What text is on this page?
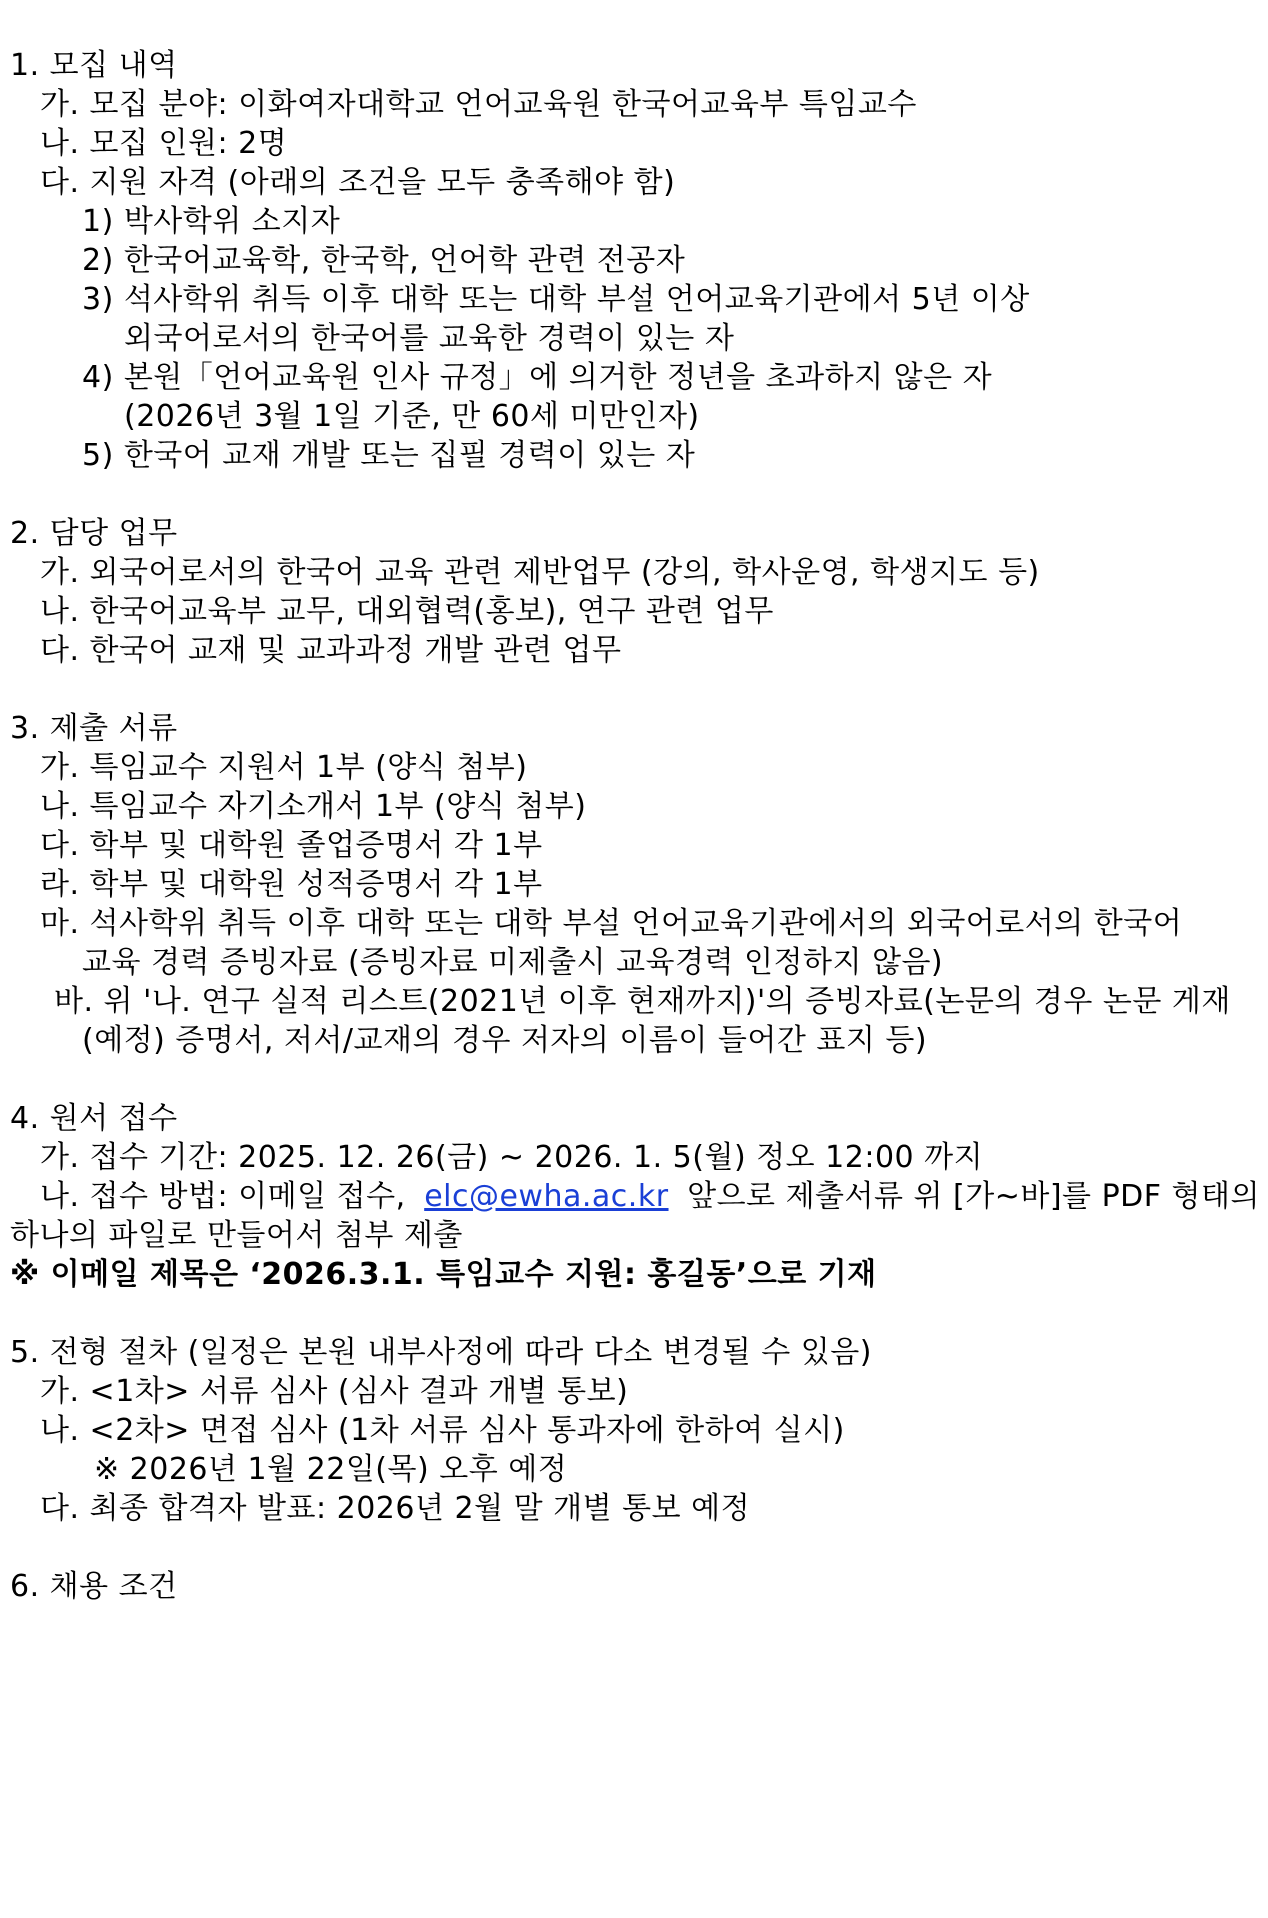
1. 모집 내역
가. 모집 분야: 이화여자대학교 언어교육원 한국어교육부 특임교수
나. 모집 인원: 2명
다. 지원 자격 (아래의 조건을 모두 충족해야 함)
1) 박사학위 소지자
2) 한국어교육학, 한국학, 언어학 관련 전공자
3) 석사학위 취득 이후 대학 또는 대학 부설 언어교육기관에서 5년 이상
외국어로서의 한국어를 교육한 경력이 있는 자
4) 본원「언어교육원 인사 규정」에 의거한 정년을 초과하지 않은 자
(2026년 3월 1일 기준, 만 60세 미만인자)
5) 한국어 교재 개발 또는 집필 경력이 있는 자
2. 담당 업무
가. 외국어로서의 한국어 교육 관련 제반업무 (강의, 학사운영, 학생지도 등)
나. 한국어교육부 교무, 대외협력(홍보), 연구 관련 업무
다. 한국어 교재 및 교과과정 개발 관련 업무
3. 제출 서류
가. 특임교수 지원서 1부 (양식 첨부)
나. 특임교수 자기소개서 1부 (양식 첨부)
다. 학부 및 대학원 졸업증명서 각 1부
라. 학부 및 대학원 성적증명서 각 1부
마. 석사학위 취득 이후 대학 또는 대학 부설 언어교육기관에서의 외국어로서의 한국어
교육 경력 증빙자료 (증빙자료 미제출시 교육경력 인정하지 않음)
바. 위 '나. 연구 실적 리스트(2021년 이후 현재까지)'의 증빙자료(논문의 경우 논문 게재
(예정) 증명서, 저서/교재의 경우 저자의 이름이 들어간 표지 등)
4. 원서 접수
가. 접수 기간: 2025. 12. 26(금) ~ 2026. 1. 5(월) 정오 12:00 까지
나. 접수 방법: 이메일 접수, elc@ewha.ac.kr 앞으로 제출서류 위 [가~바]를 PDF 형태의
하나의 파일로 만들어서 첨부 제출
※ 이메일 제목은 ‘2026.3.1. 특임교수 지원: 홍길동’으로 기재
5. 전형 절차 (일정은 본원 내부사정에 따라 다소 변경될 수 있음)
가. <1차> 서류 심사 (심사 결과 개별 통보)
나. <2차> 면접 심사 (1차 서류 심사 통과자에 한하여 실시)
※ 2026년 1월 22일(목) 오후 예정
다. 최종 합격자 발표: 2026년 2월 말 개별 통보 예정
6. 채용 조건
